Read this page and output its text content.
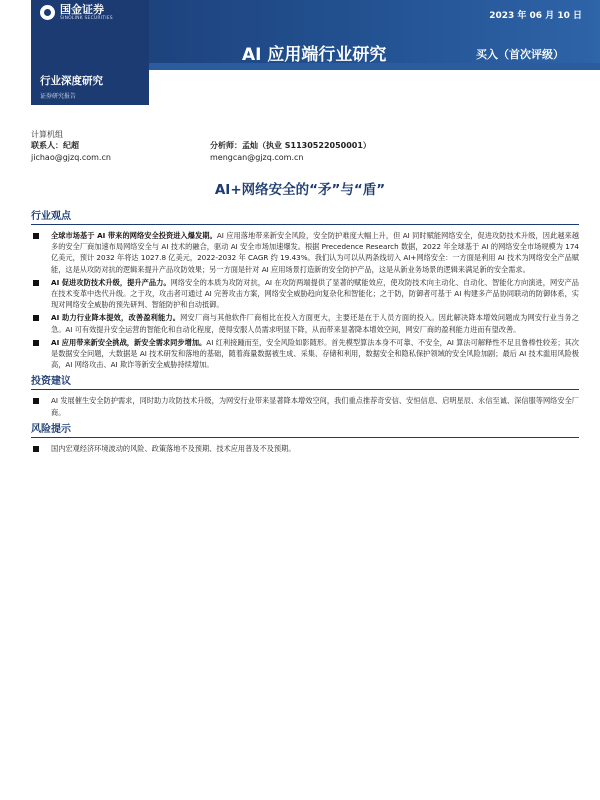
国金证券
SINOLINK SECURITIES	2023 年 06 月 10 日
AI 应用端行业研究	买入（首次评级）
行业深度研究
证券研究报告
计算机组
联系人：纪超
jichao@gjzq.com.cn
分析师：孟灿（执业 S1130522050001）
mengcan@gjzq.com.cn
AI+网络安全的“矛”与“盾”
行业观点
全球市场基于 AI 带来的网络安全投资进入爆发期。AI 应用落地带来新安全风险，安全防护难度大幅上升，但 AI 同时赋能网络安全，促进攻防技术升级，因此越来越多的安全厂商加速布局网络安全与 AI 技术的融合，驱动 AI 安全市场加速爆发。根据 Precedence Research 数据，2022 年全球基于 AI 的网络安全市场规模为 174 亿美元，预计 2032 年将达 1027.8 亿美元，2022-2032 年 CAGR 约 19.43%。我们认为可以从两条线切入 AI+网络安全：一方面是利用 AI 技术为网络安全产品赋能，这是从攻防对抗的逻辑来提升产品攻防效果；另一方面是针对 AI 应用场景打造新的安全防护产品，这是从新业务场景的逻辑来满足新的安全需求。
AI 促进攻防技术升级，提升产品力。网络安全的本质为攻防对抗，AI 在攻防两端提供了显著的赋能效应，使攻防技术向主动化、自动化、智能化方向演进，网安产品在技术变革中迭代升级。之于攻，攻击者可通过 AI 完善攻击方案，网络安全威胁趋向复杂化和智能化；之于防，防御者可基于 AI 构建多产品协同联动的防御体系，实现对网络安全威胁的预先研判、智能防护和自动抵御。
AI 助力行业降本提效，改善盈利能力。网安厂商与其他软件厂商相比在投入方面更大，主要还是在于人员方面的投入。因此解决降本增效问题成为网安行业当务之急。AI 可有效提升安全运营的智能化和自动化程度，使得安服人员需求明显下降，从而带来显著降本增效空间，网安厂商的盈利能力进而有望改善。
AI 应用带来新安全挑战，新安全需求同步增加。AI 红利接踵而至，安全风险如影随形。首先模型算法本身不可靠、不安全，AI 算法可解释性不足且鲁棒性较差；其次是数据安全问题，大数据是 AI 技术研发和落地的基础，随着海量数据被生成、采集、存储和利用，数据安全和隐私保护领域的安全风险加剧；最后 AI 技术滥用风险极高，AI 网络攻击、AI 欺诈等新安全威胁持续增加。
投资建议
AI 发展催生安全防护需求，同时助力攻防技术升级，为网安行业带来显著降本增效空间，我们重点推荐奇安信、安恒信息、启明星辰、永信至诚、深信服等网络安全厂商。
风险提示
国内宏观经济环境波动的风险、政策落地不及预期、技术应用普及不及预期。
